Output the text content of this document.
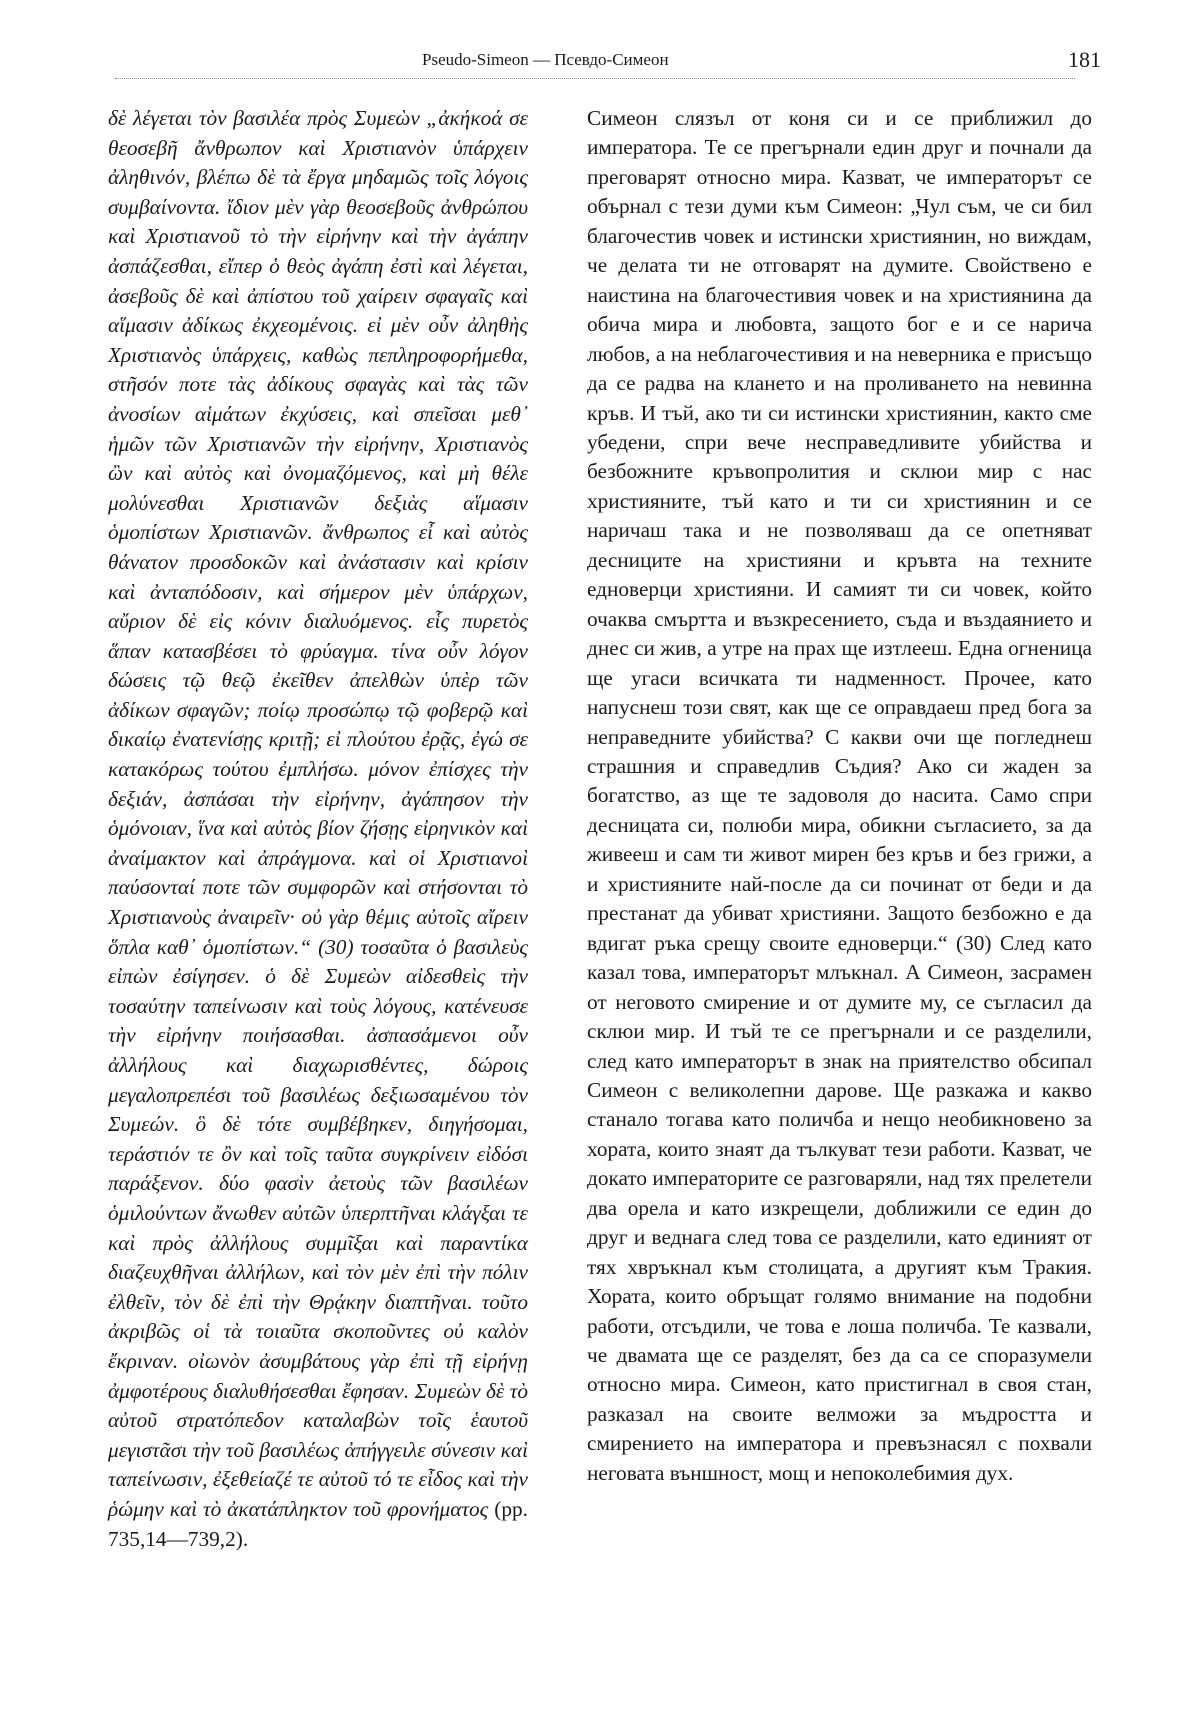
Pseudo-Simeon — Псевдо-Симеон	181

δὲ λέγεται τὸν βασιλέα πρὸς Συμεὼν „ἀκήκοά σε θεοσεβῆ ἄνθρωπον καὶ Χριστιανὸν ὑπάρχειν ἀληθινόν, βλέπω δὲ τὰ ἔργα μηδαμῶς τοῖς λόγοις συμβαίνοντα. ἴδιον μὲν γὰρ θεοσεβοῦς ἀνθρώπου καὶ Χριστιανοῦ τὸ τὴν εἰρήνην καὶ τὴν ἀγάπην ἀσπάζεσθαι, εἴπερ ὁ θεὸς ἀγάπη ἐστὶ καὶ λέγεται, ἀσεβοῦς δὲ καὶ ἀπίστου τοῦ χαίρειν σφαγαῖς καὶ αἵμασιν ἀδίκως ἐκχεομένοις. εἰ μὲν οὖν ἀληθὴς Χριστιανὸς ὑπάρχεις, καθὼς πεπληροφορήμεθα, στῆσόν ποτε τὰς ἀδίκους σφαγὰς καὶ τὰς τῶν ἀνοσίων αἱμάτων ἐκχύσεις, καὶ σπεῖσαι μεθ᾽ ἡμῶν τῶν Χριστιανῶν τὴν εἰρήνην, Χριστιανὸς ὢν καὶ αὐτὸς καὶ ὀνομαζόμενος, καὶ μὴ θέλε μολύνεσθαι Χριστιανῶν δεξιὰς αἵμασιν ὁμοπίστων Χριστιανῶν. ἄνθρωπος εἶ καὶ αὐτὸς θάνατον προσδοκῶν καὶ ἀνάστασιν καὶ κρίσιν καὶ ἀνταπόδοσιν, καὶ σήμερον μὲν ὑπάρχων, αὔριον δὲ εἰς κόνιν διαλυόμενος. εἷς πυρετὸς ἅπαν κατασβέσει τὸ φρύαγμα. τίνα οὖν λόγον δώσεις τῷ θεῷ ἐκεῖθεν ἀπελθὼν ὑπὲρ τῶν ἀδίκων σφαγῶν; ποίῳ προσώπῳ τῷ φοβερῷ καὶ δικαίῳ ἐνατενίσῃς κριτῇ; εἰ πλούτου ἐρᾷς, ἐγώ σε κατακόρως τούτου ἐμπλήσω. μόνον ἐπίσχες τὴν δεξιάν, ἀσπάσαι τὴν εἰρήνην, ἀγάπησον τὴν ὁμόνοιαν, ἵνα καὶ αὐτὸς βίον ζήσῃς εἰρηνικὸν καὶ ἀναίμακτον καὶ ἀπράγμονα. καὶ οἱ Χριστιανοὶ παύσονταί ποτε τῶν συμφορῶν καὶ στήσονται τὸ Χριστιανοὺς ἀναιρεῖν· οὐ γὰρ θέμις αὐτοῖς αἴρειν ὅπλα καθ᾽ ὁμοπίστων.“ (30) τοσαῦτα ὁ βασιλεὺς εἰπὼν ἐσίγησεν. ὁ δὲ Συμεὼν αἰδεσθεὶς τὴν τοσαύτην ταπείνωσιν καὶ τοὺς λόγους, κατένευσε τὴν εἰρήνην ποιήσασθαι. ἀσπασάμενοι οὖν ἀλλήλους καὶ διαχωρισθέντες, δώροις μεγαλοπρεπέσι τοῦ βασιλέως δεξιωσαμένου τὸν Συμεών. ὃ δὲ τότε συμβέβηκεν, διηγήσομαι, τεράστιόν τε ὂν καὶ τοῖς ταῦτα συγκρίνειν εἰδόσι παράξενον. δύο φασὶν ἀετοὺς τῶν βασιλέων ὁμιλούντων ἄνωθεν αὐτῶν ὑπερπτῆναι κλάγξαι τε καὶ πρὸς ἀλλήλους συμμῖξαι καὶ παραντίκα διαζευχθῆναι ἀλλήλων, καὶ τὸν μὲν ἐπὶ τὴν πόλιν ἐλθεῖν, τὸν δὲ ἐπὶ τὴν Θρᾴκην διαπτῆναι. τοῦτο ἀκριβῶς οἱ τὰ τοιαῦτα σκοποῦντες οὐ καλὸν ἔκριναν. οἰωνὸν ἀσυμβάτους γὰρ ἐπὶ τῇ εἰρήνῃ ἀμφοτέρους διαλυθήσεσθαι ἔφησαν. Συμεὼν δὲ τὸ αὐτοῦ στρατόπεδον καταλαβὼν τοῖς ἑαυτοῦ μεγιστᾶσι τὴν τοῦ βασιλέως ἀπήγγειλε σύνεσιν καὶ ταπείνωσιν, ἐξεθείαζέ τε αὐτοῦ τό τε εἶδος καὶ τὴν ῥώμην καὶ τὸ ἀκατάπληκτον τοῦ φρονήματος (pp. 735,14—739,2).

Симеон слязъл от коня си и се приближил до императора. Те се прегърнали един друг и почнали да преговарят относно мира. Казват, че императорът се обърнал с тези думи към Симеон: „Чул съм, че си бил благочестив човек и истински християнин, но виждам, че делата ти не отговарят на думите. Свойствено е наистина на благочестивия човек и на християнина да обича мира и любовта, защото бог е и се нарича любов, а на неблагочестивия и на неверника е присъщо да се радва на клането и на проливането на невинна кръв. И тъй, ако ти си истински християнин, както сме убедени, спри вече несправедливите убийства и безбожните кръвопролития и склюи мир с нас християните, тъй като и ти си християнин и се наричаш така и не позволяваш да се опетняват десниците на християни и кръвта на техните едноверци християни. И самият ти си човек, който очаква смъртта и възкресението, съда и въздаянието и днес си жив, а утре на прах ще изтлееш. Една огненица ще угаси всичката ти надменност. Прочее, като напуснеш този свят, как ще се оправдаеш пред бога за неправедните убийства? С какви очи ще погледнеш страшния и справедлив Съдия? Ако си жаден за богатство, аз ще те задоволя до насита. Само спри десницата си, полюби мира, обикни съгласието, за да живееш и сам ти живот мирен без кръв и без грижи, а и християните най-после да си починат от беди и да престанат да убиват християни. Защото безбожно е да вдигат ръка срещу своите едноверци.“ (30) След като казал това, императорът млъкнал. А Симеон, засрамен от неговото смирение и от думите му, се съгласил да склюи мир. И тъй те се прегърнали и се разделили, след като императорът в знак на приятелство обсипал Симеон с великолепни дарове. Ще разкажа и какво станало тогава като поличба и нещо необикновено за хората, които знаят да тълкуват тези работи. Казват, че докато императорите се разговаряли, над тях прелетели два орела и като изкрещели, доближили се един до друг и веднага след това се разделили, като единият от тях хвръкнал към столицата, а другият към Тракия. Хората, които обръщат голямо внимание на подобни работи, отсъдили, че това е лоша поличба. Те казвали, че двамата ще се разделят, без да са се споразумели относно мира. Симеон, като пристигнал в своя стан, разказал на своите велможи за мъдростта и смирението на императора и превъзнасял с похвали неговата външност, мощ и непоколебимия дух.
